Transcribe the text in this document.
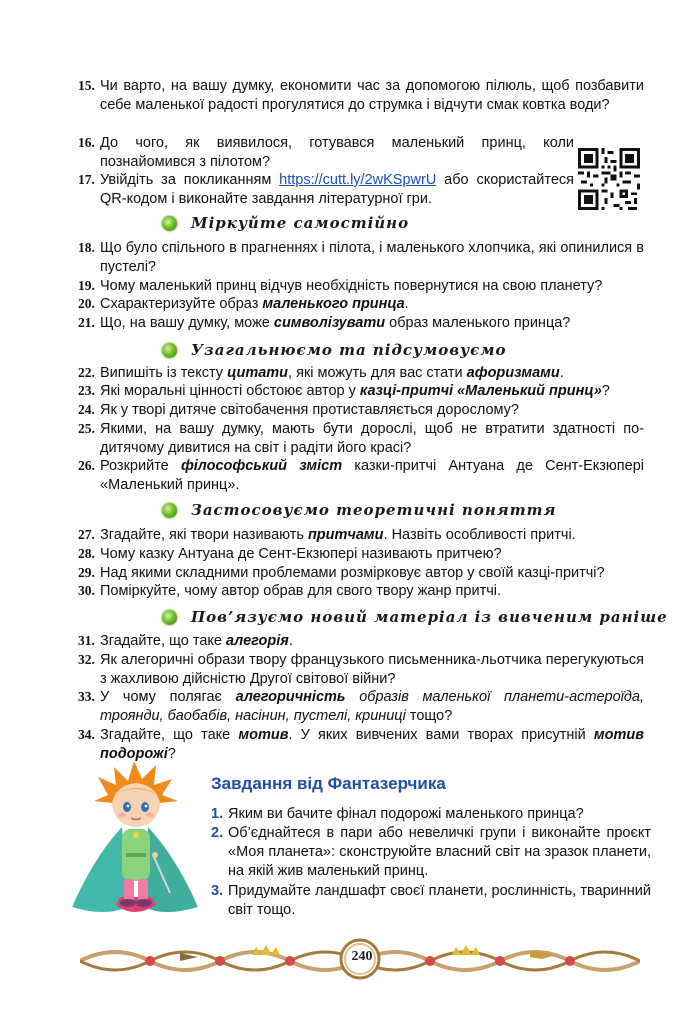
15. Чи варто, на вашу думку, економити час за допомогою пілюль, щоб позбавити себе маленької радості прогулятися до струмка і відчути смак ковтка води?
16. До чого, як виявилося, готувався маленький принц, коли познайомився з пілотом?
17. Увійдіть за покликанням https://cutt.ly/2wKSpwrU або скористайтеся QR-кодом і виконайте завдання літературної гри.
Міркуйте самостійно
18. Що було спільного в прагненнях і пілота, і маленького хлопчика, які опинилися в пустелі?
19. Чому маленький принц відчув необхідність повернутися на свою планету?
20. Схарактеризуйте образ маленького принца.
21. Що, на вашу думку, може символізувати образ маленького принца?
Узагальнюємо та підсумовуємо
22. Випишіть із тексту цитати, які можуть для вас стати афоризмами.
23. Які моральні цінності обстоює автор у казці-притчі «Маленький принц»?
24. Як у творі дитяче світобачення протиставляється дорослому?
25. Якими, на вашу думку, мають бути дорослі, щоб не втратити здатності по-дитячому дивитися на світ і радіти його красі?
26. Розкрийте філософський зміст казки-притчі Антуана де Сент-Екзюпері «Маленький принц».
Застосовуємо теоретичні поняття
27. Згадайте, які твори називають притчами. Назвіть особливості притчі.
28. Чому казку Антуана де Сент-Екзюпері називають притчею?
29. Над якими складними проблемами розмірковує автор у своїй казці-притчі?
30. Поміркуйте, чому автор обрав для свого твору жанр притчі.
Пов’язуємо новий матеріал із вивченим раніше
31. Згадайте, що таке алегорія.
32. Як алегоричні образи твору французького письменника-льотчика перегукуються з жахливою дійсністю Другої світової війни?
33. У чому полягає алегоричність образів маленької планети-астероїда, троянди, баобабів, насінин, пустелі, криниці тощо?
34. Згадайте, що таке мотив. У яких вивчених вами творах присутній мотив подорожі?
Завдання від Фантазерчика
1. Яким ви бачите фінал подорожі маленького принца?
2. Об’єднайтеся в пари або невеличкі групи і виконайте проєкт «Моя планета»: сконструюйте власний світ на зразок планети, на якій жив маленький принц.
3. Придумайте ландшафт своєї планети, рослинність, тваринний світ тощо.
240
